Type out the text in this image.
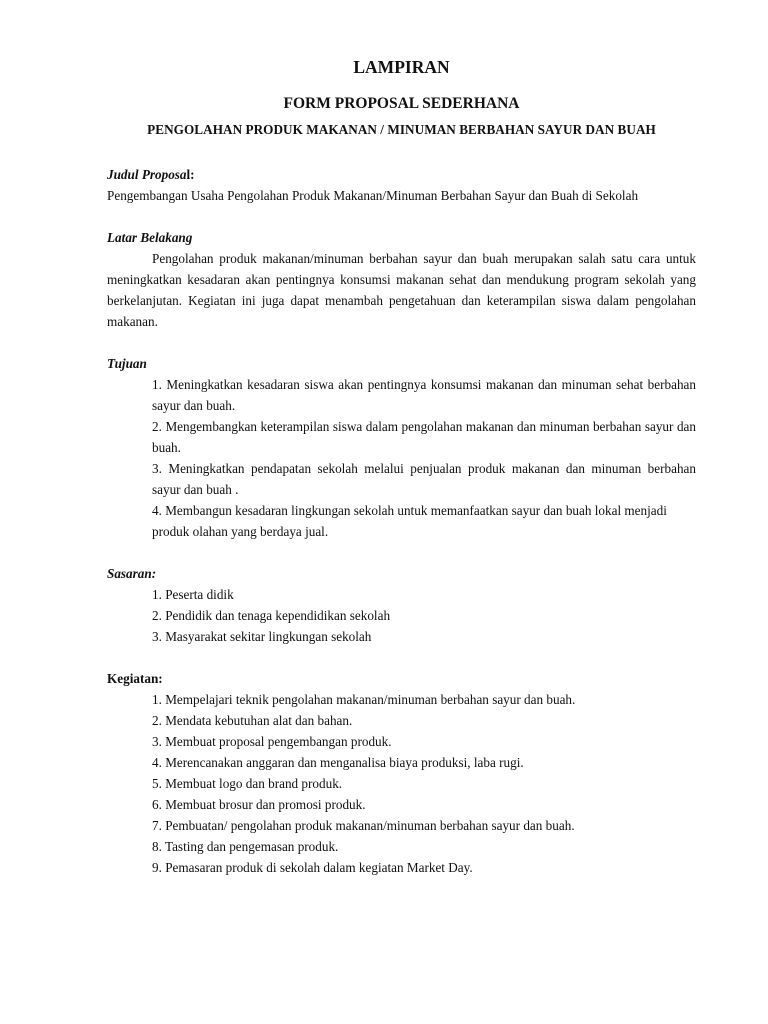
LAMPIRAN
FORM PROPOSAL SEDERHANA
PENGOLAHAN PRODUK MAKANAN / MINUMAN BERBAHAN SAYUR DAN BUAH
Judul Proposal:
Pengembangan Usaha Pengolahan Produk Makanan/Minuman Berbahan Sayur dan Buah di Sekolah
Latar Belakang
Pengolahan produk makanan/minuman berbahan sayur dan buah merupakan salah satu cara untuk meningkatkan kesadaran akan pentingnya konsumsi makanan sehat dan mendukung program sekolah yang berkelanjutan. Kegiatan ini juga dapat menambah pengetahuan dan keterampilan siswa dalam pengolahan makanan.
Tujuan
1. Meningkatkan kesadaran siswa akan pentingnya konsumsi makanan dan minuman sehat berbahan sayur dan buah.
2. Mengembangkan keterampilan siswa dalam pengolahan makanan dan minuman berbahan sayur dan buah.
3. Meningkatkan pendapatan sekolah melalui penjualan produk makanan dan minuman berbahan sayur dan buah .
4. Membangun kesadaran lingkungan sekolah untuk memanfaatkan sayur dan buah lokal menjadi produk olahan yang berdaya jual.
Sasaran:
1. Peserta didik
2. Pendidik dan tenaga kependidikan sekolah
3. Masyarakat sekitar lingkungan sekolah
Kegiatan:
1. Mempelajari teknik pengolahan makanan/minuman berbahan sayur dan buah.
2. Mendata kebutuhan alat dan bahan.
3. Membuat proposal pengembangan produk.
4. Merencanakan anggaran dan menganalisa biaya produksi, laba rugi.
5. Membuat logo dan brand produk.
6. Membuat brosur dan promosi produk.
7. Pembuatan/ pengolahan produk makanan/minuman berbahan sayur dan buah.
8. Tasting dan pengemasan produk.
9. Pemasaran produk di sekolah dalam kegiatan Market Day.
